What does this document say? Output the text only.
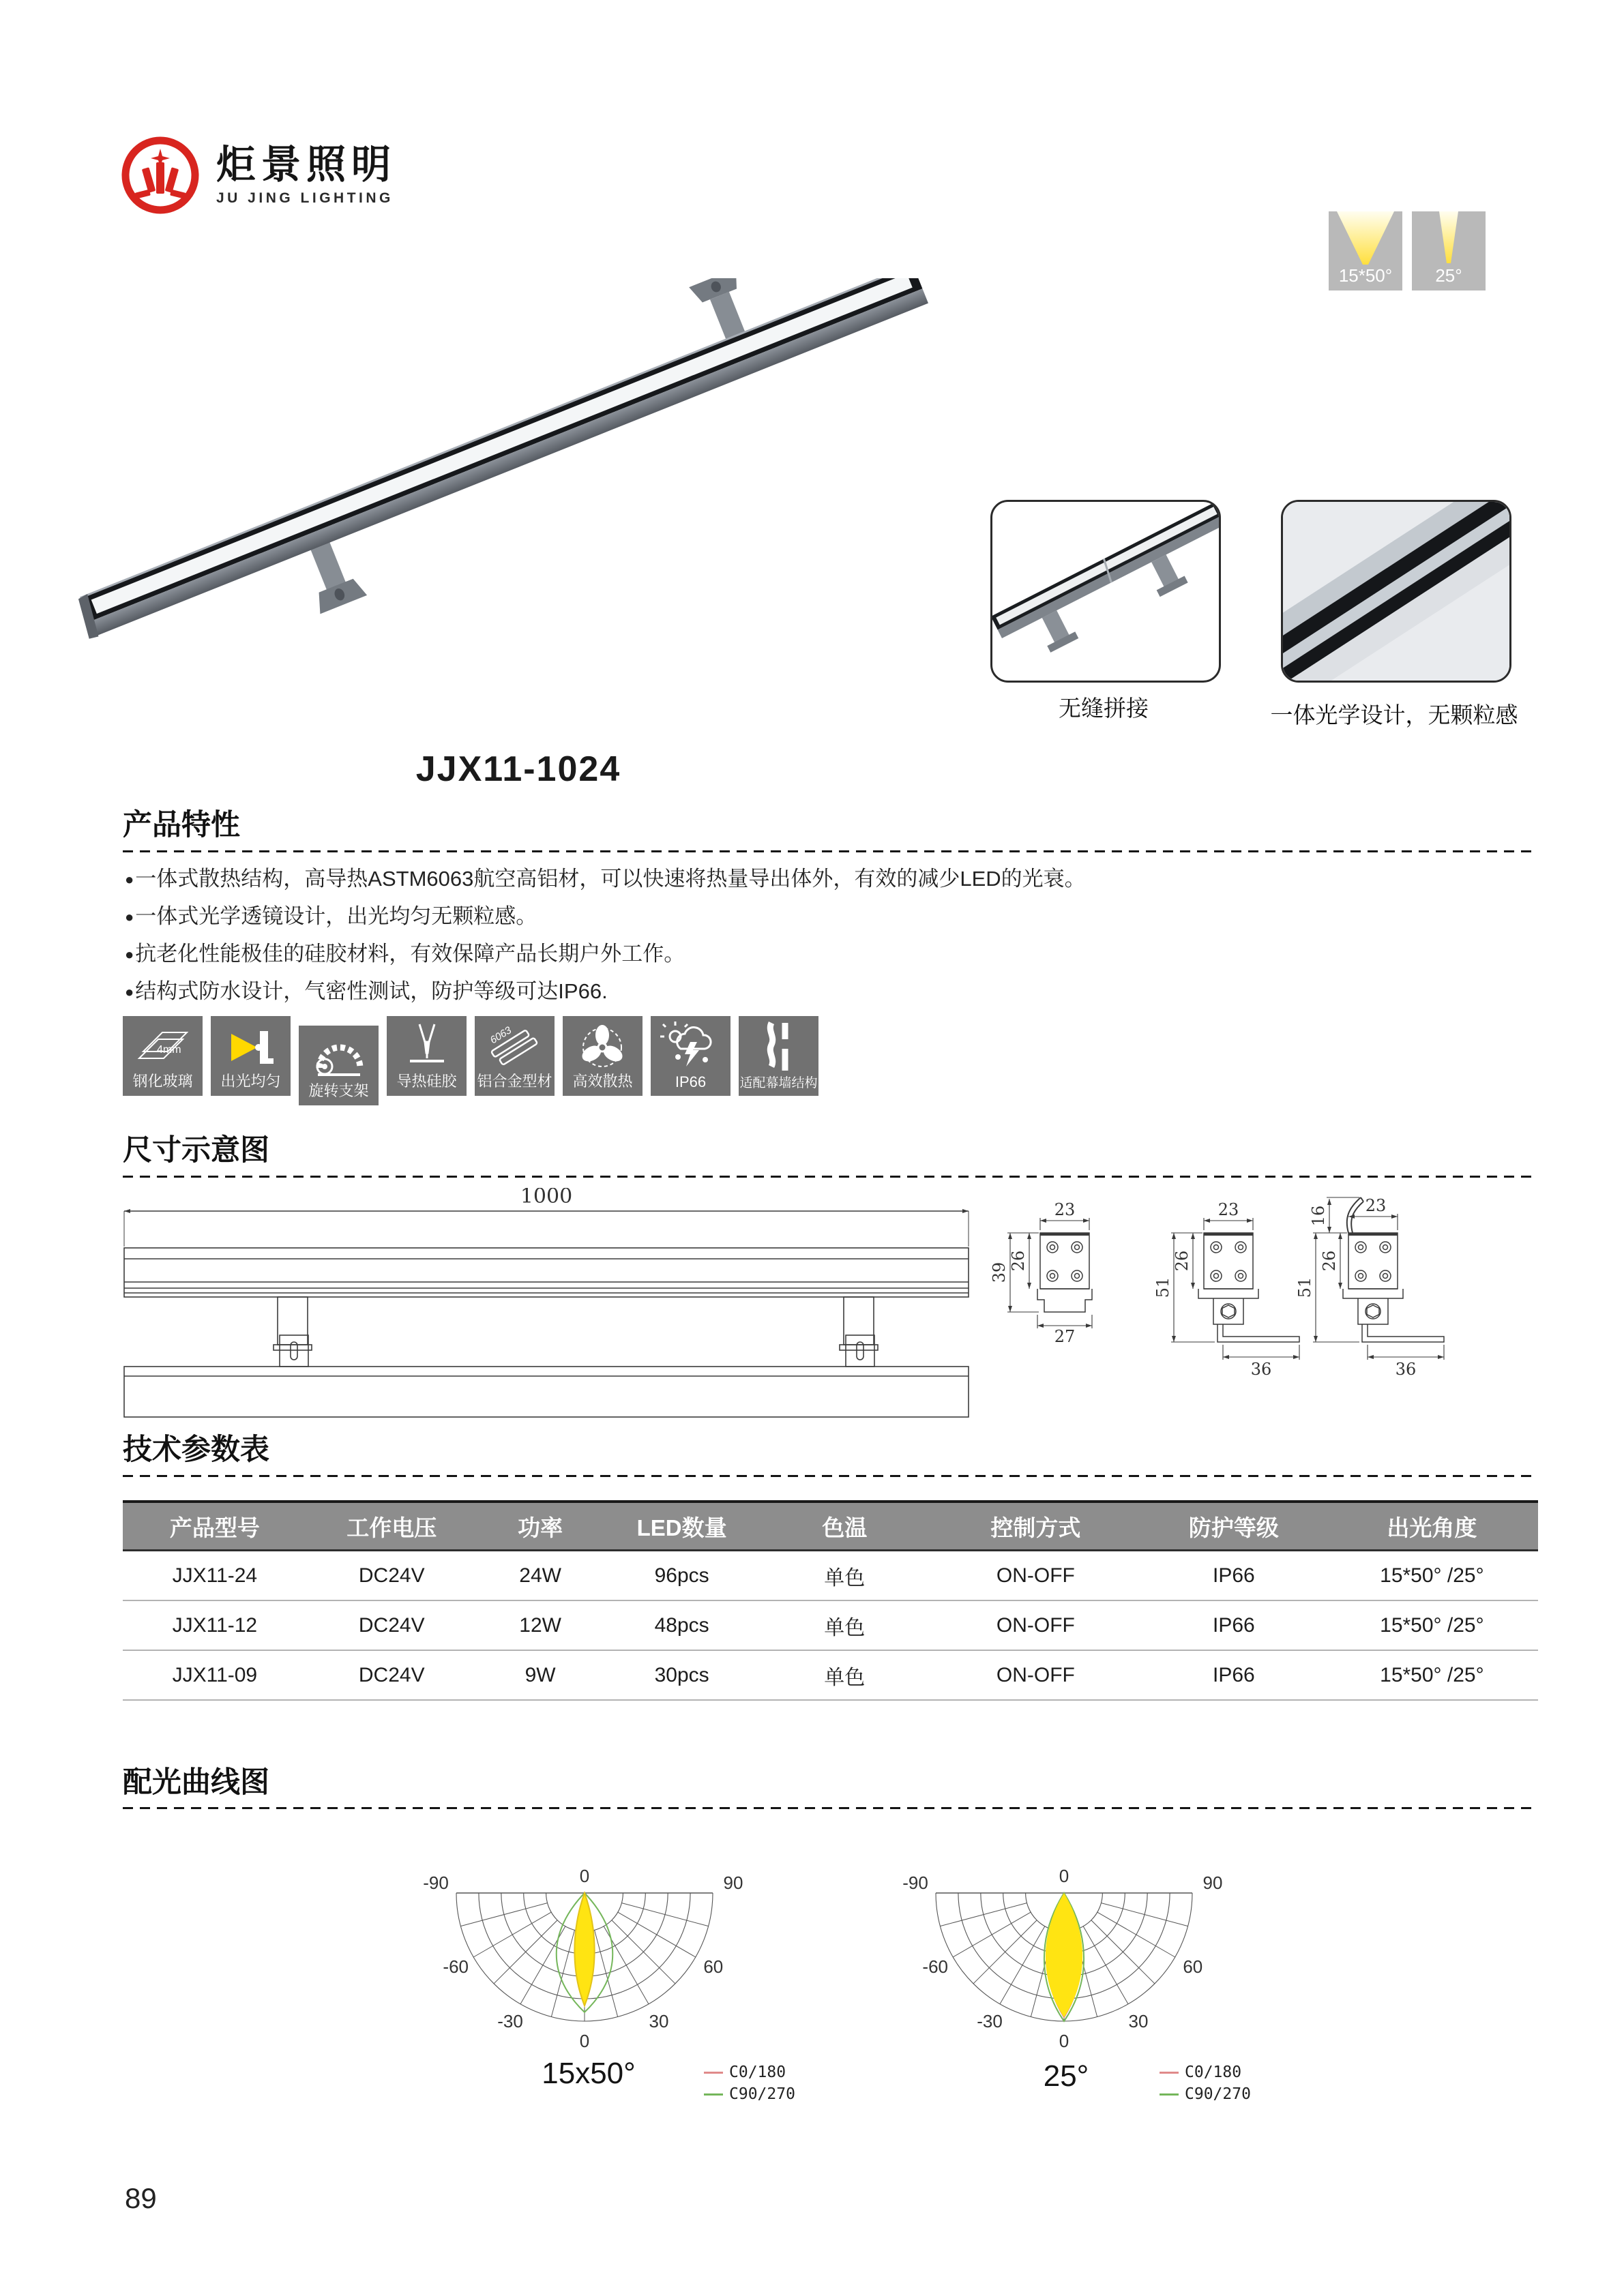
炬景照明
JU JING LIGHTING
15*50°	25°
无缝拼接	一体光学设计，无颗粒感
JJX11-1024
产品特性
●一体式散热结构，高导热ASTM6063航空高铝材，可以快速将热量导出体外，有效的减少LED的光衰。
●一体式光学透镜设计，出光均匀无颗粒感。
●抗老化性能极佳的硅胶材料，有效保障产品长期户外工作。
●结构式防水设计，气密性测试，防护等级可达IP66.
4mm
钢化玻璃	出光均匀
旋转支架
导热硅胶
6063
铝合金型材	高效散热	IP66	适配幕墙结构
尺寸示意图
1000
23
26
39
27
23
26
51
36
16 23
26
51
36
技术参数表
产品型号	工作电压	功率	LED数量	色温	控制方式	防护等级	出光角度
JJX11-24	DC24V	24W	96pcs	单色	ON-OFF	IP66	15*50° /25°
JJX11-12	DC24V	12W	48pcs	单色	ON-OFF	IP66	15*50° /25°
JJX11-09	DC24V	9W	30pcs	单色	ON-OFF	IP66	15*50° /25°
配光曲线图
-90
-60
-30
0
30
60
90
0	-90
-60
-30
0
30
60
90
0
15x50°	25°
C0/180
C90/270
C0/180
C90/270
89
